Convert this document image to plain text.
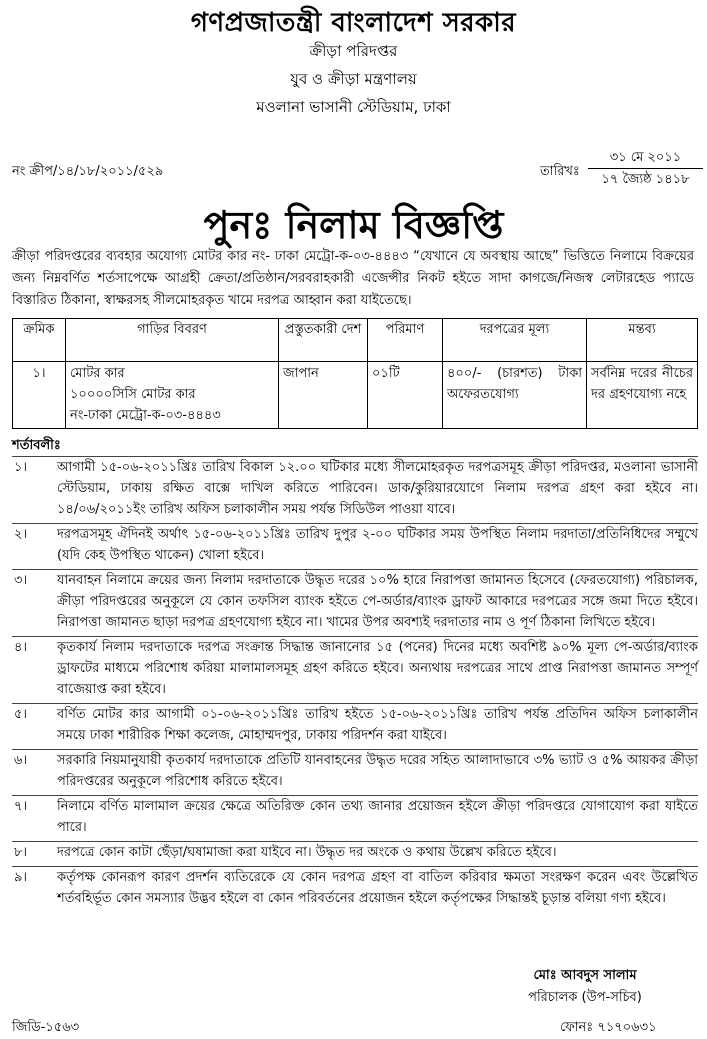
গণপ্রজাতন্ত্রী বাংলাদেশ সরকার
ক্রীড়া পরিদপ্তর
যুব ও ক্রীড়া মন্ত্রণালয়
মওলানা ভাসানী স্টেডিয়াম, ঢাকা
নং ক্রীপ/১৪/১৮/২০১১/৫২৯	তারিখঃ
৩১ মে ২০১১
১৭ জ্যৈষ্ঠ ১৪১৮
পুনঃ নিলাম বিজ্ঞপ্তি
ক্রীড়া পরিদপ্তরের ব্যবহার অযোগ্য মোটর কার নং- ঢাকা মেট্রো-ক-০৩-৪৪৪৩ “যেখানে যে অবস্থায় আছে” ভিত্তিতে নিলামে বিক্রয়ের জন্য নিম্নবর্ণিত শর্তসাপেক্ষে আগ্রহী ক্রেতা/প্রতিষ্ঠান/সরবরাহকারী এজেন্সীর নিকট হইতে সাদা কাগজে/নিজস্ব লেটারহেড প্যাডে বিস্তারিত ঠিকানা, স্বাক্ষরসহ সীলমোহরকৃত খামে দরপত্র আহ্বান করা যাইতেছে।
ক্রমিক	গাড়ির বিবরণ	প্রস্তুতকারী দেশ	পরিমাণ	দরপত্রের মূল্য	মন্তব্য
১।	মোটর কার
১০০০০সিসি মোটর কার
নং-ঢাকা মেট্রো-ক-০৩-৪৪৪৩	জাপান	০১টি	৪০০/- (চারশত) টাকা অফেরতযোগ্য	সর্বনিম্ন দরের নীচের দর গ্রহণযোগ্য নহে
শর্তাবলীঃ
১।	আগামী ১৫-০৬-২০১১খ্রিঃ তারিখ বিকাল ১২.০০ ঘটিকার মধ্যে সীলমোহরকৃত দরপত্রসমূহ ক্রীড়া পরিদপ্তর, মওলানা ভাসানী স্টেডিয়াম, ঢাকায় রক্ষিত বাক্সে দাখিল করিতে পারিবেন। ডাক/কুরিয়ারযোগে নিলাম দরপত্র গ্রহণ করা হইবে না। ১৪/০৬/২০১১ইং তারিখ অফিস চলাকালীন সময় পর্যন্ত সিডিউল পাওয়া যাবে।
২।	দরপত্রসমূহ ঐদিনই অর্থাৎ ১৫-০৬-২০১১খ্রিঃ তারিখ দুপুর ২-০০ ঘটিকার সময় উপস্থিত নিলাম দরদাতা/প্রতিনিধিদের সম্মুখে (যদি কেহ উপস্থিত থাকেন) খোলা হইবে।
৩।	যানবাহন নিলামে ক্রয়ের জন্য নিলাম দরদাতাকে উদ্ধৃত দরের ১০% হারে নিরাপত্তা জামানত হিসেবে (ফেরতযোগ্য) পরিচালক, ক্রীড়া পরিদপ্তরের অনুকূলে যে কোন তফসিল ব্যাংক হইতে পে-অর্ডার/ব্যাংক ড্রাফট আকারে দরপত্রের সঙ্গে জমা দিতে হইবে। নিরাপত্তা জামানত ছাড়া দরপত্র গ্রহণযোগ্য হইবে না। খামের উপর অবশ্যই দরদাতার নাম ও পূর্ণ ঠিকানা লিখিতে হইবে।
৪।	কৃতকার্য নিলাম দরদাতাকে দরপত্র সংক্রান্ত সিদ্ধান্ত জানানোর ১৫ (পনের) দিনের মধ্যে অবশিষ্ট ৯০% মূল্য পে-অর্ডার/ব্যাংক ড্রাফটের মাধ্যমে পরিশোধ করিয়া মালামালসমূহ গ্রহণ করিতে হইবে। অন্যথায় দরপত্রের সাথে প্রাপ্ত নিরাপত্তা জামানত সম্পূর্ণ বাজেয়াপ্ত করা হইবে।
৫।	বর্ণিত মোটর কার আগামী ০১-০৬-২০১১খ্রিঃ তারিখ হইতে ১৫-০৬-২০১১খ্রিঃ তারিখ পর্যন্ত প্রতিদিন অফিস চলাকালীন সময়ে ঢাকা শারীরিক শিক্ষা কলেজ, মোহাম্মদপুর, ঢাকায় পরিদর্শন করা যাইবে।
৬।	সরকারি নিয়মানুযায়ী কৃতকার্য দরদাতাকে প্রতিটি যানবাহনের উদ্ধৃত দরের সহিত আলাদাভাবে ৩% ভ্যাট ও ৫% আয়কর ক্রীড়া পরিদপ্তরের অনুকূলে পরিশোধ করিতে হইবে।
৭।	নিলামে বর্ণিত মালামাল ক্রয়ের ক্ষেত্রে অতিরিক্ত কোন তথ্য জানার প্রয়োজন হইলে ক্রীড়া পরিদপ্তরে যোগাযোগ করা যাইতে পারে।
৮।	দরপত্রে কোন কাটা ছেঁড়া/ঘষামাজা করা যাইবে না। উদ্ধৃত দর অংকে ও কথায় উল্লেখ করিতে হইবে।
৯।	কর্তৃপক্ষ কোনরূপ কারণ প্রদর্শন ব্যতিরেকে যে কোন দরপত্র গ্রহণ বা বাতিল করিবার ক্ষমতা সংরক্ষণ করেন এবং উল্লেখিত শর্তবহির্ভূত কোন সমস্যার উদ্ভব হইলে বা কোন পরিবর্তনের প্রয়োজন হইলে কর্তৃপক্ষের সিদ্ধান্তই চূড়ান্ত বলিয়া গণ্য হইবে।
মোঃ আবদুস সালাম
পরিচালক (উপ-সচিব)
জিডি-১৫৬৩	ফোনঃ ৭১৭০৬৩১
